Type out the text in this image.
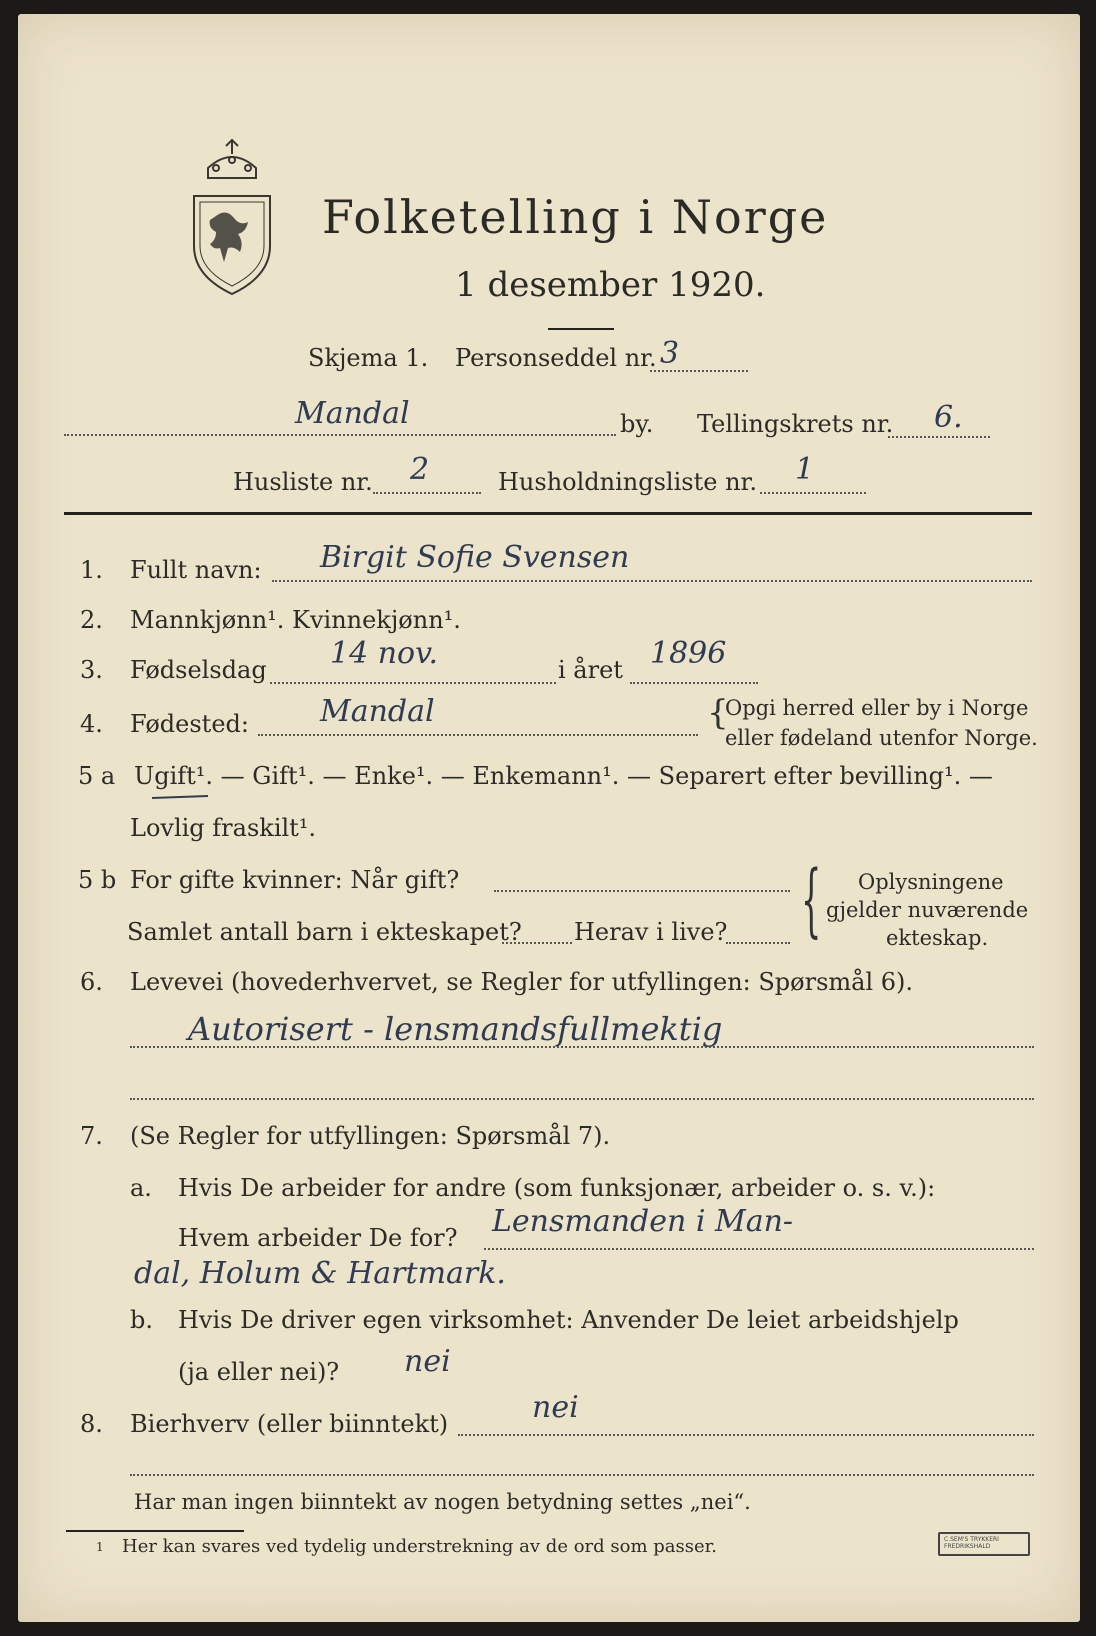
Folketelling i Norge
1 desember 1920.
Skjema 1. Personseddel nr. 3
Mandal	by. Tellingskrets nr. 6.
Husliste nr. 2	Husholdningsliste nr. 1
1. Fullt navn: Birgit Sofie Svensen
2. Mannkjønn¹. Kvinnekjønn¹.
3. Fødselsdag 14 nov.	i året 1896
4. Fødested: Mandal	{
Opgi herred eller by i Norge
eller fødeland utenfor Norge.
5 a Ugift¹. — Gift¹. — Enke¹. — Enkemann¹. — Separert efter bevilling¹. —
Lovlig fraskilt¹.
5 b For gifte kvinner: Når gift?
Samlet antall barn i ekteskapet? Herav i live? { Oplysningene
gjelder nuværende
ekteskap.
6. Levevei (hovederhvervet, se Regler for utfyllingen: Spørsmål 6).
Autorisert - lensmandsfullmektig
7. (Se Regler for utfyllingen: Spørsmål 7).
a. Hvis De arbeider for andre (som funksjonær, arbeider o. s. v.):
Hvem arbeider De for? Lensmanden i Man-
dal, Holum & Hartmark.
b. Hvis De driver egen virksomhet: Anvender De leiet arbeidshjelp
(ja eller nei)? nei
8. Bierhverv (eller biinntekt)	nei
Har man ingen biinntekt av nogen betydning settes „nei“.
1 Her kan svares ved tydelig understrekning av de ord som passer.	C.SEM'S TRYKKERI FREDRIKSHALD
